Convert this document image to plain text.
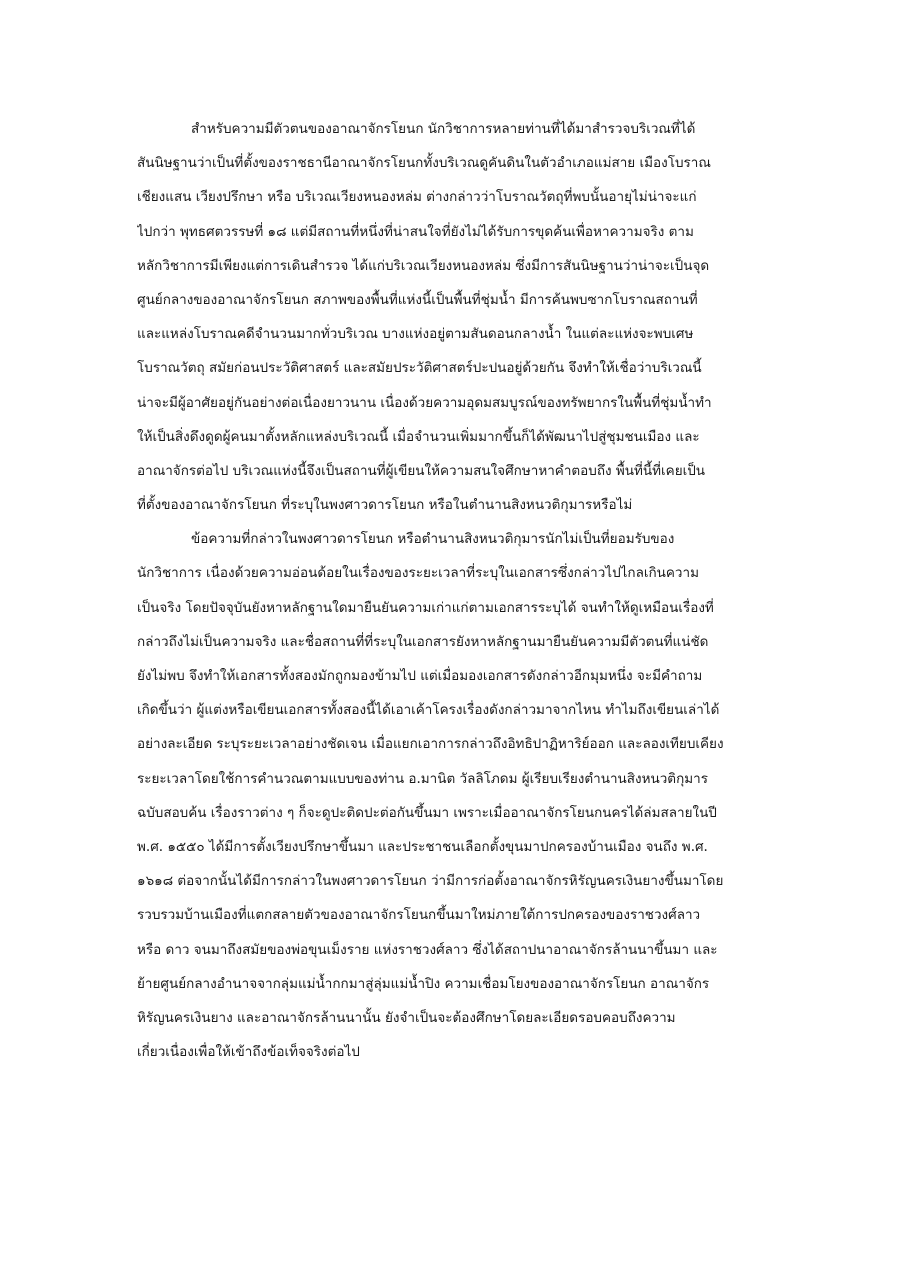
สำหรับความมีตัวตนของอาณาจักรโยนก นักวิชาการหลายท่านที่ได้มาสำรวจบริเวณที่ได้
สันนิษฐานว่าเป็นที่ตั้งของราชธานีอาณาจักรโยนกทั้งบริเวณดูคันดินในตัวอำเภอแม่สาย เมืองโบราณ
เชียงแสน เวียงปรึกษา หรือ บริเวณเวียงหนองหล่ม ต่างกล่าวว่าโบราณวัตถุที่พบนั้นอายุไม่น่าจะแก่
ไปกว่า พุทธศตวรรษที่ ๑๘ แต่มีสถานที่หนึ่งที่น่าสนใจที่ยังไม่ได้รับการขุดค้นเพื่อหาความจริง ตาม
หลักวิชาการมีเพียงแต่การเดินสำรวจ ได้แก่บริเวณเวียงหนองหล่ม ซึ่งมีการสันนิษฐานว่าน่าจะเป็นจุด
ศูนย์กลางของอาณาจักรโยนก สภาพของพื้นที่แห่งนี้เป็นพื้นที่ชุ่มน้ำ มีการค้นพบซากโบราณสถานที่
และแหล่งโบราณคดีจำนวนมากทั่วบริเวณ บางแห่งอยู่ตามสันดอนกลางน้ำ ในแต่ละแห่งจะพบเศษ
โบราณวัตถุ สมัยก่อนประวัติศาสตร์ และสมัยประวัติศาสตร์ปะปนอยู่ด้วยกัน จึงทำให้เชื่อว่าบริเวณนี้
น่าจะมีผู้อาศัยอยู่กันอย่างต่อเนื่องยาวนาน เนื่องด้วยความอุดมสมบูรณ์ของทรัพยากรในพื้นที่ชุ่มน้ำทำ
ให้เป็นสิ่งดึงดูดผู้คนมาตั้งหลักแหล่งบริเวณนี้ เมื่อจำนวนเพิ่มมากขึ้นก็ได้พัฒนาไปสู่ชุมชนเมือง และ
อาณาจักรต่อไป บริเวณแห่งนี้จึงเป็นสถานที่ผู้เขียนให้ความสนใจศึกษาหาคำตอบถึง พื้นที่นี้ที่เคยเป็น
ที่ตั้งของอาณาจักรโยนก ที่ระบุในพงศาวดารโยนก หรือในตำนานสิงหนวติกุมารหรือไม่
ข้อความที่กล่าวในพงศาวดารโยนก หรือตำนานสิงหนวติกุมารนักไม่เป็นที่ยอมรับของ
นักวิชาการ เนื่องด้วยความอ่อนด้อยในเรื่องของระยะเวลาที่ระบุในเอกสารซึ่งกล่าวไปไกลเกินความ
เป็นจริง โดยปัจจุบันยังหาหลักฐานใดมายืนยันความเก่าแก่ตามเอกสารระบุได้ จนทำให้ดูเหมือนเรื่องที่
กล่าวถึงไม่เป็นความจริง และชื่อสถานที่ที่ระบุในเอกสารยังหาหลักฐานมายืนยันความมีตัวตนที่แน่ชัด
ยังไม่พบ จึงทำให้เอกสารทั้งสองมักถูกมองข้ามไป แต่เมื่อมองเอกสารดังกล่าวอีกมุมหนึ่ง จะมีคำถาม
เกิดขึ้นว่า ผู้แต่งหรือเขียนเอกสารทั้งสองนี้ได้เอาเค้าโครงเรื่องดังกล่าวมาจากไหน ทำไมถึงเขียนเล่าได้
อย่างละเอียด ระบุระยะเวลาอย่างชัดเจน เมื่อแยกเอาการกล่าวถึงอิทธิปาฏิหาริย์ออก และลองเทียบเคียง
ระยะเวลาโดยใช้การคำนวณตามแบบของท่าน อ.มานิต วัลลิโภดม ผู้เรียบเรียงตำนานสิงหนวติกุมาร
ฉบับสอบค้น เรื่องราวต่าง ๆ ก็จะดูปะติดปะต่อกันขึ้นมา เพราะเมื่ออาณาจักรโยนกนครได้ล่มสลายในปี
พ.ศ. ๑๕๕๐ ได้มีการตั้งเวียงปรึกษาขึ้นมา และประชาชนเลือกตั้งขุนมาปกครองบ้านเมือง จนถึง พ.ศ.
๑๖๑๘ ต่อจากนั้นได้มีการกล่าวในพงศาวดารโยนก ว่ามีการก่อตั้งอาณาจักรหิรัญนครเงินยางขึ้นมาโดย
รวบรวมบ้านเมืองที่แตกสลายตัวของอาณาจักรโยนกขึ้นมาใหม่ภายใต้การปกครองของราชวงศ์ลาว
หรือ ดาว จนมาถึงสมัยของพ่อขุนเม็งราย แห่งราชวงศ์ลาว ซึ่งได้สถาปนาอาณาจักรล้านนาขึ้นมา และ
ย้ายศูนย์กลางอำนาจจากลุ่มแม่น้ำกกมาสู่ลุ่มแม่น้ำปิง ความเชื่อมโยงของอาณาจักรโยนก อาณาจักร
หิรัญนครเงินยาง และอาณาจักรล้านนานั้น ยังจำเป็นจะต้องศึกษาโดยละเอียดรอบคอบถึงความ
เกี่ยวเนื่องเพื่อให้เข้าถึงข้อเท็จจริงต่อไป
